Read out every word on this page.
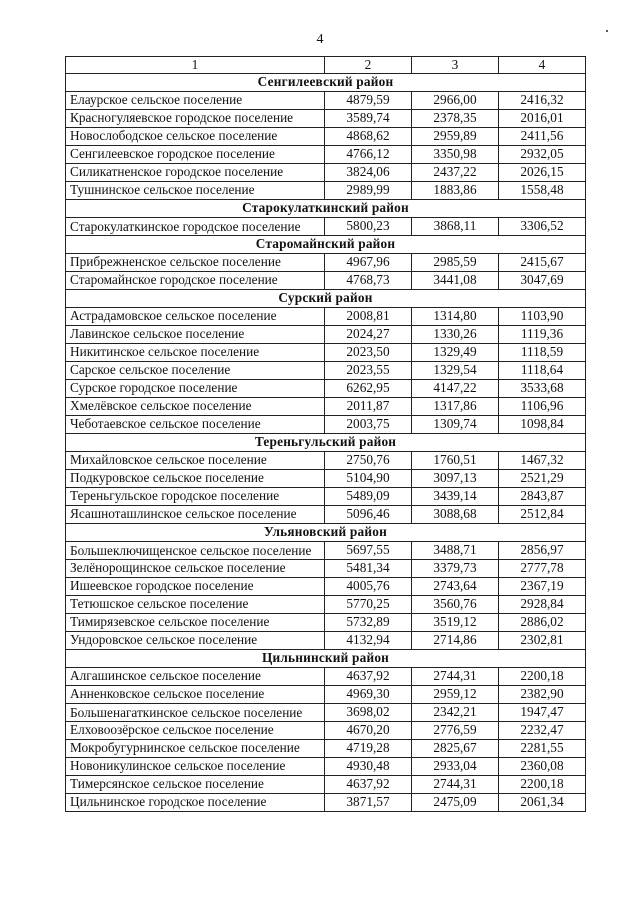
4
1	2	3	4
Сенгилеевский район			
Елаурское сельское поселение	4879,59	2966,00	2416,32
Красногуляевское городское поселение	3589,74	2378,35	2016,01
Новослободское сельское поселение	4868,62	2959,89	2411,56
Сенгилеевское городское поселение	4766,12	3350,98	2932,05
Силикатненское городское поселение	3824,06	2437,22	2026,15
Тушнинское сельское поселение	2989,99	1883,86	1558,48
Старокулаткинский район			
Старокулаткинское городское поселение	5800,23	3868,11	3306,52
Старомайнский район			
Прибрежненское сельское поселение	4967,96	2985,59	2415,67
Старомайнское городское поселение	4768,73	3441,08	3047,69
Сурский район			
Астрадамовское сельское поселение	2008,81	1314,80	1103,90
Лавинское сельское поселение	2024,27	1330,26	1119,36
Никитинское сельское поселение	2023,50	1329,49	1118,59
Сарское сельское поселение	2023,55	1329,54	1118,64
Сурское городское поселение	6262,95	4147,22	3533,68
Хмелёвское сельское поселение	2011,87	1317,86	1106,96
Чеботаевское сельское поселение	2003,75	1309,74	1098,84
Тереньгульский район			
Михайловское сельское поселение	2750,76	1760,51	1467,32
Подкуровское сельское поселение	5104,90	3097,13	2521,29
Тереньгульское городское поселение	5489,09	3439,14	2843,87
Ясашноташлинское сельское поселение	5096,46	3088,68	2512,84
Ульяновский район			
Большеключищенское сельское поселение	5697,55	3488,71	2856,97
Зелёнорощинское сельское поселение	5481,34	3379,73	2777,78
Ишеевское городское поселение	4005,76	2743,64	2367,19
Тетюшское сельское поселение	5770,25	3560,76	2928,84
Тимирязевское сельское поселение	5732,89	3519,12	2886,02
Ундоровское сельское поселение	4132,94	2714,86	2302,81
Цильнинский район			
Алгашинское сельское поселение	4637,92	2744,31	2200,18
Анненковское сельское поселение	4969,30	2959,12	2382,90
Большенагаткинское сельское поселение	3698,02	2342,21	1947,47
Елховоозёрское сельское поселение	4670,20	2776,59	2232,47
Мокробугурнинское сельское поселение	4719,28	2825,67	2281,55
Новоникулинское сельское поселение	4930,48	2933,04	2360,08
Тимерсянское сельское поселение	4637,92	2744,31	2200,18
Цильнинское городское поселение	3871,57	2475,09	2061,34
